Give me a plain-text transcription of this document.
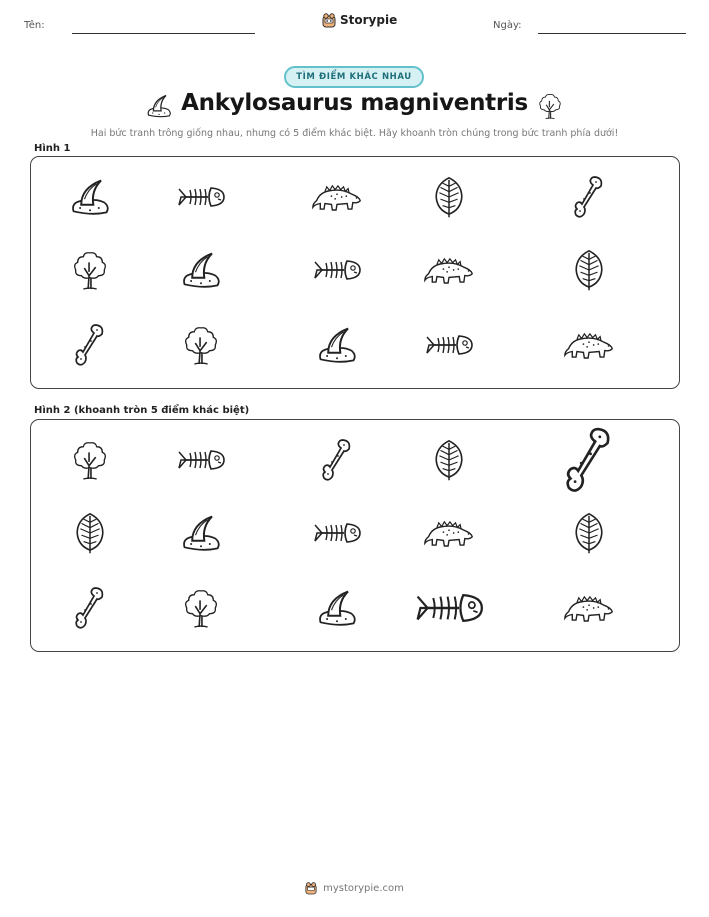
Tên:	Storypie	Ngày:
TÌM ĐIỂM KHÁC NHAU
Ankylosaurus magniventris
Hai bức tranh trông giống nhau, nhưng có 5 điểm khác biệt. Hãy khoanh tròn chúng trong bức tranh phía dưới!
Hình 1
Hình 2 (khoanh tròn 5 điểm khác biệt)
mystorypie.com
